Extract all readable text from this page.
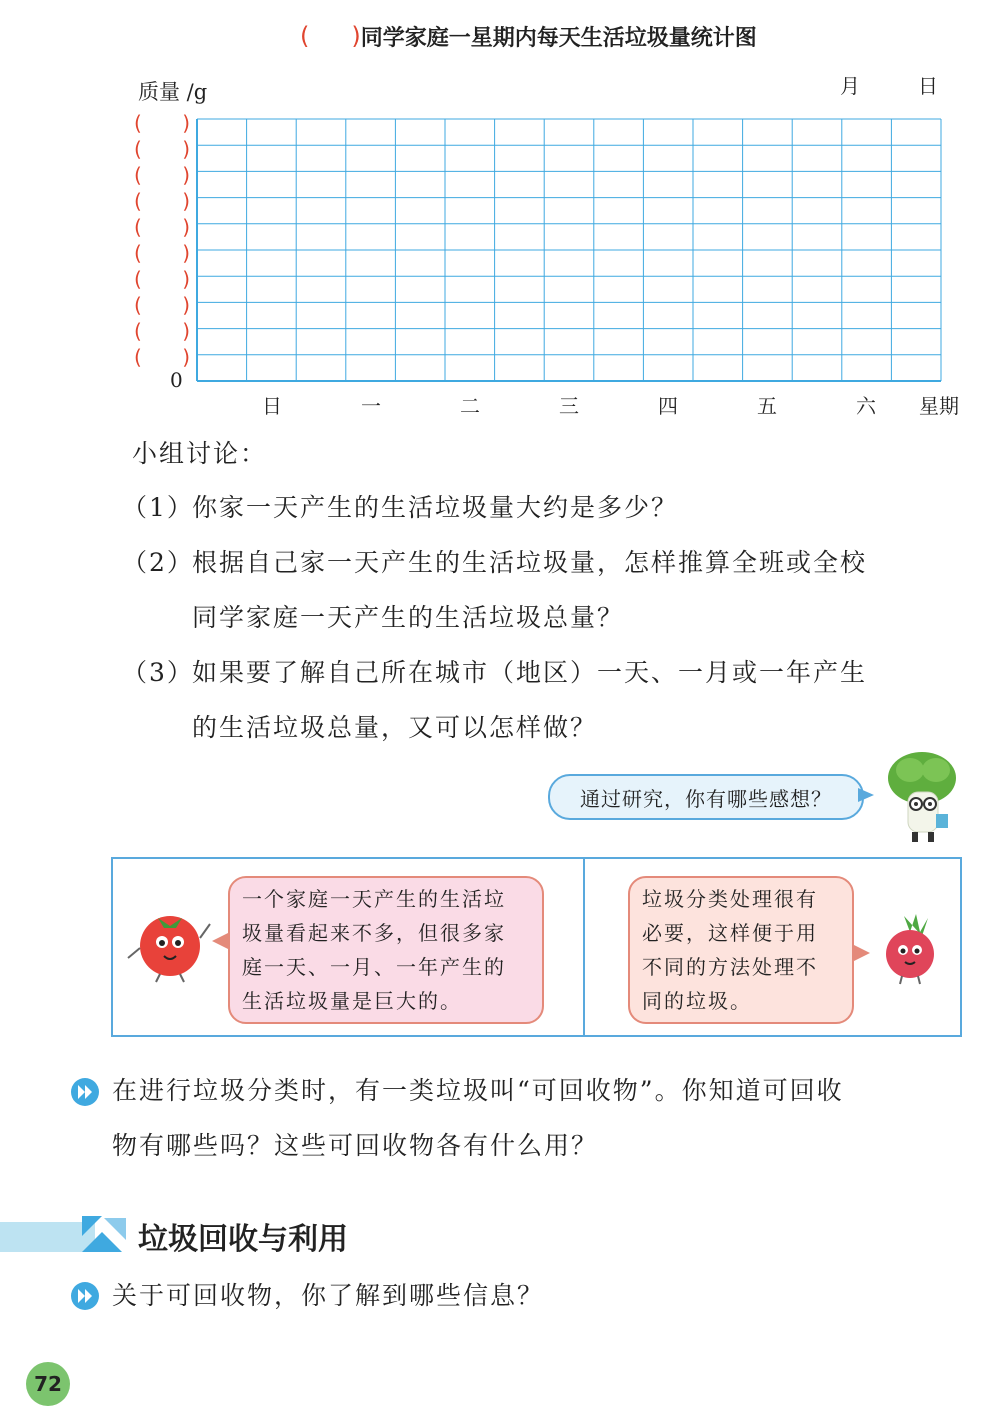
( ) 同学家庭一星期内每天生活垃圾量统计图
质量 /g	月	日
( )
( )
( )
( )
( )
( )
( )
( )
( )
( )
0
日	一	二	三	四	五	六	星期
小组讨论：
（1）你家一天产生的生活垃圾量大约是多少？
（2）根据自己家一天产生的生活垃圾量，怎样推算全班或全校
同学家庭一天产生的生活垃圾总量？
（3）如果要了解自己所在城市（地区）一天、一月或一年产生
的生活垃圾总量，又可以怎样做？
通过研究，你有哪些感想？
一个家庭一天产生的生活垃
圾量看起来不多，但很多家
庭一天、一月、一年产生的
生活垃圾量是巨大的。
垃圾分类处理很有
必要，这样便于用
不同的方法处理不
同的垃圾。
在进行垃圾分类时，有一类垃圾叫“可回收物”。你知道可回收
物有哪些吗？这些可回收物各有什么用？
垃圾回收与利用
关于可回收物，你了解到哪些信息？
72
